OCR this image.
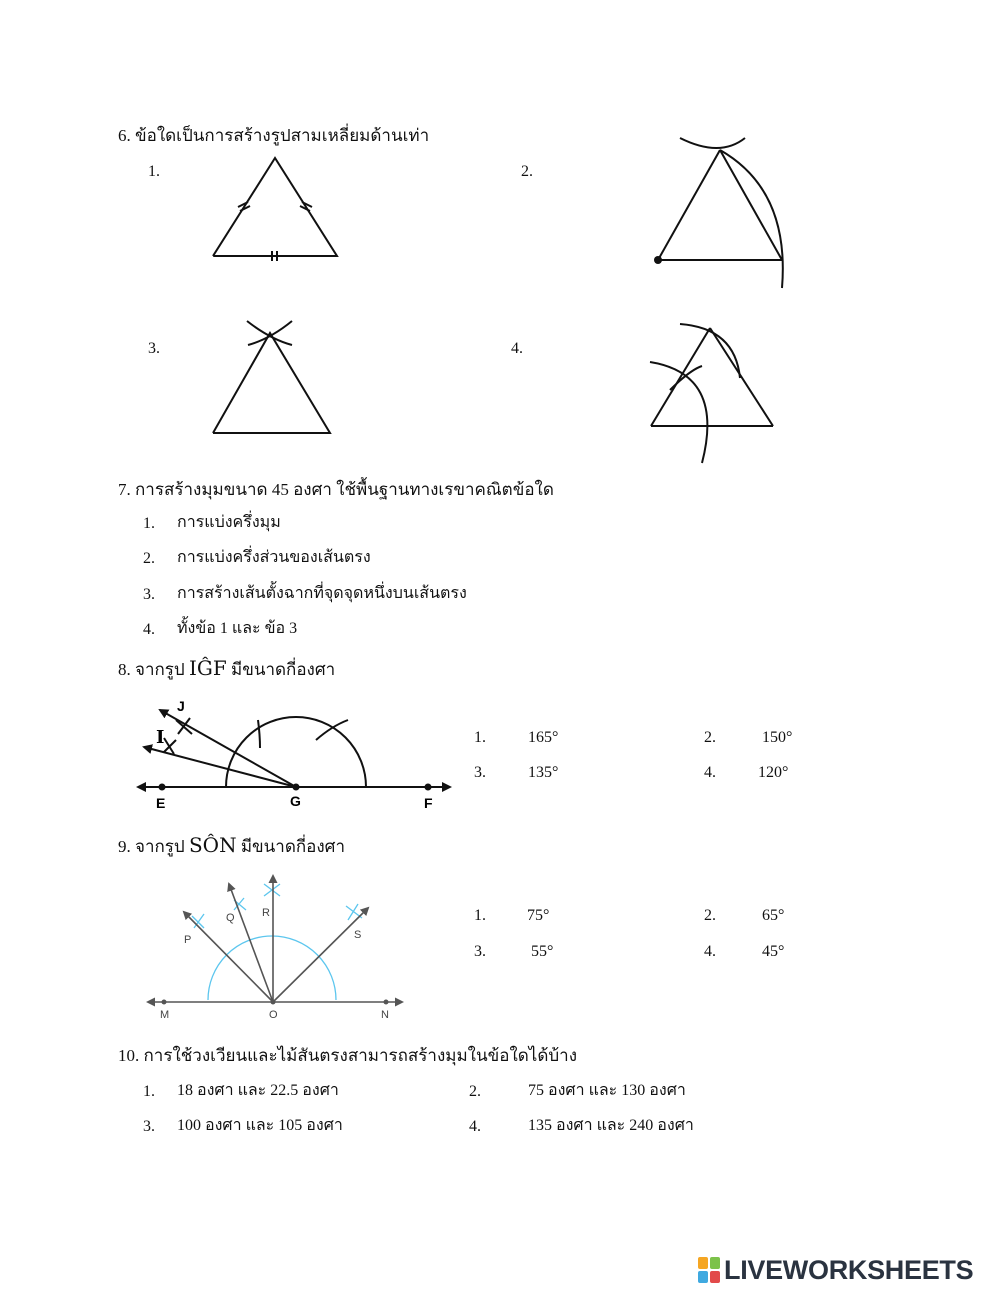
6. ข้อใดเป็นการสร้างรูปสามเหลี่ยมด้านเท่า
1.	2.
3.	4.
7. การสร้างมุมขนาด 45 องศา ใช้พื้นฐานทางเรขาคณิตข้อใด
1. การแบ่งครึ่งมุม
2. การแบ่งครึ่งส่วนของเส้นตรง
3. การสร้างเส้นตั้งฉากที่จุดจุดหนึ่งบนเส้นตรง
4. ทั้งข้อ 1 และ ข้อ 3
8. จากรูป IĜF มีขนาดกี่องศา
J
I
E	G	F
1.	165°	2.	150°
3.	135°	4.	120°
9. จากรูป SÔN มีขนาดกี่องศา
P
Q R
S
M	O	N
1.	75°	2.	65°
3.	55°	4.	45°
10. การใช้วงเวียนและไม้สันตรงสามารถสร้างมุมในข้อใดได้บ้าง
1. 18 องศา และ 22.5 องศา	2.	75 องศา และ 130 องศา
3. 100 องศา และ 105 องศา	4.	135 องศา และ 240 องศา
LIVEWORKSHEETS
